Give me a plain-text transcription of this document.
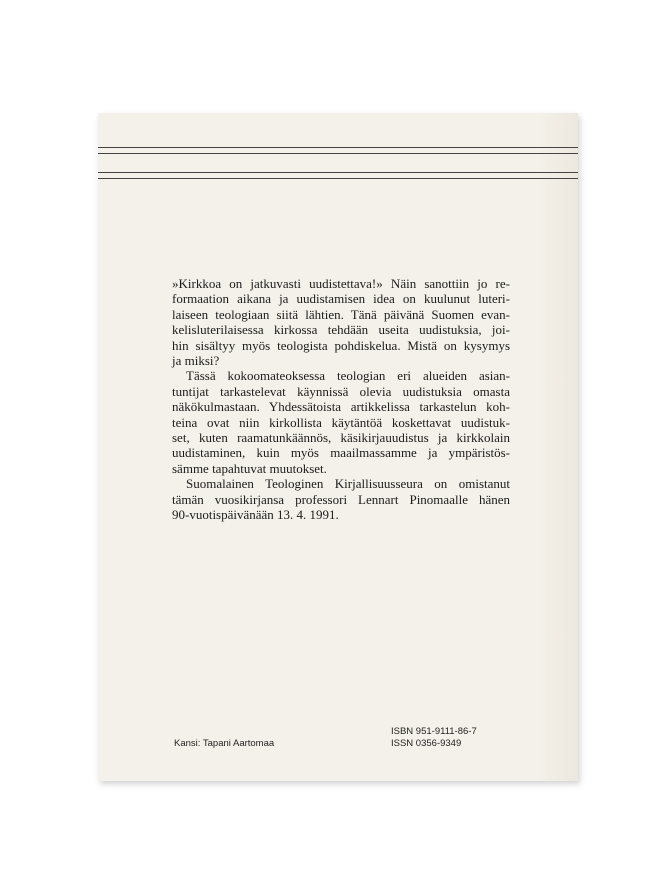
»Kirkkoa on jatkuvasti uudistettava!» Näin sanottiin jo re-
formaation aikana ja uudistamisen idea on kuulunut luteri-
laiseen teologiaan siitä lähtien. Tänä päivänä Suomen evan-
kelisluterilaisessa kirkossa tehdään useita uudistuksia, joi-
hin sisältyy myös teologista pohdiskelua. Mistä on kysymys
ja miksi?

Tässä kokoomateoksessa teologian eri alueiden asian-
tuntijat tarkastelevat käynnissä olevia uudistuksia omasta
näkökulmastaan. Yhdessätoista artikkelissa tarkastelun koh-
teina ovat niin kirkollista käytäntöä koskettavat uudistuk-
set, kuten raamatunkäännös, käsikirjauudistus ja kirkkolain
uudistaminen, kuin myös maailmassamme ja ympäristös-
sämme tapahtuvat muutokset.

Suomalainen Teologinen Kirjallisuusseura on omistanut
tämän vuosikirjansa professori Lennart Pinomaalle hänen
90-vuotispäivänään 13. 4. 1991.

Kansi: Tapani Aartomaa
ISBN 951-9111-86-7
ISSN 0356-9349
